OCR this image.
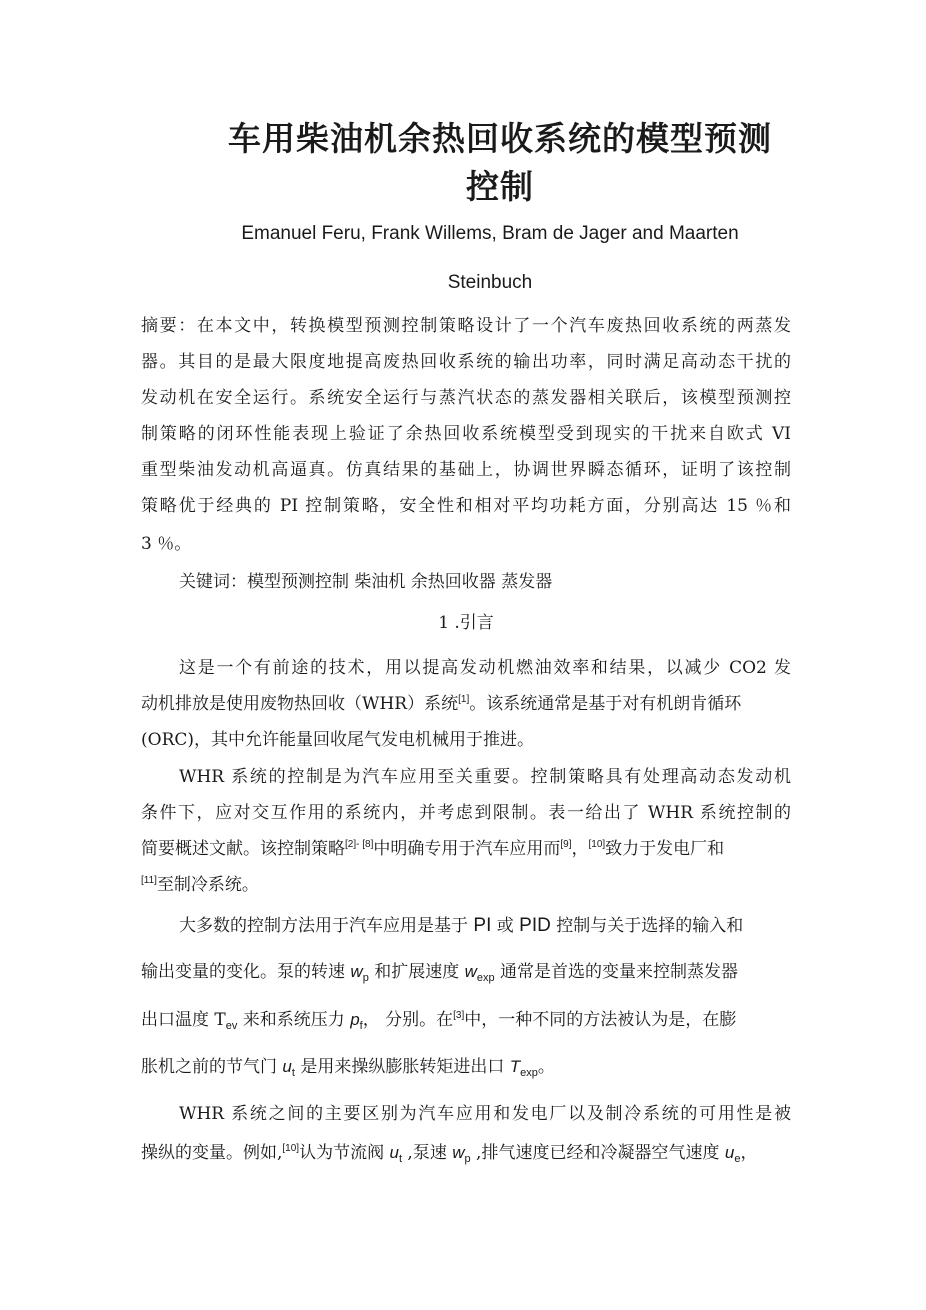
车用柴油机余热回收系统的模型预测
控制
Emanuel Feru, Frank Willems, Bram de Jager and Maarten
Steinbuch
摘要：在本文中，转换模型预测控制策略设计了一个汽车废热回收系统的两蒸发
器。其目的是最大限度地提高废热回收系统的输出功率，同时满足高动态干扰的
发动机在安全运行。系统安全运行与蒸汽状态的蒸发器相关联后，该模型预测控
制策略的闭环性能表现上验证了余热回收系统模型受到现实的干扰来自欧式 VI
重型柴油发动机高逼真。仿真结果的基础上，协调世界瞬态循环，证明了该控制
策略优于经典的 PI 控制策略，安全性和相对平均功耗方面，分别高达 15 ％和
3 ％。
关键词：模型预测控制 柴油机 余热回收器 蒸发器
1 .引言
这是一个有前途的技术，用以提高发动机燃油效率和结果，以减少 CO2 发
动机排放是使用废物热回收（WHR）系统[1]。该系统通常是基于对有机朗肯循环
(ORC)，其中允许能量回收尾气发电机械用于推进。
WHR 系统的控制是为汽车应用至关重要。控制策略具有处理高动态发动机
条件下，应对交互作用的系统内，并考虑到限制。表一给出了 WHR 系统控制的
简要概述文献。该控制策略[2]- [8]中明确专用于汽车应用而[9]，[10]致力于发电厂和
[11]至制冷系统。
大多数的控制方法用于汽车应用是基于 PI 或 PID 控制与关于选择的输入和
输出变量的变化。泵的转速 $w_p$ 和扩展速度 $w_{exp}$ 通常是首选的变量来控制蒸发器
出口温度 $T_{ev}$ 来和系统压力 $p_f$， 分别。在[3]中，一种不同的方法被认为是，在膨
胀机之前的节气门 $u_t$ 是用来操纵膨胀转矩进出口 $T_{exp}$。
WHR 系统之间的主要区别为汽车应用和发电厂以及制冷系统的可用性是被
操纵的变量。例如,[10]认为节流阀 $u_t$ ,泵速 $w_p$ ,排气速度已经和冷凝器空气速度 $u_e$，
